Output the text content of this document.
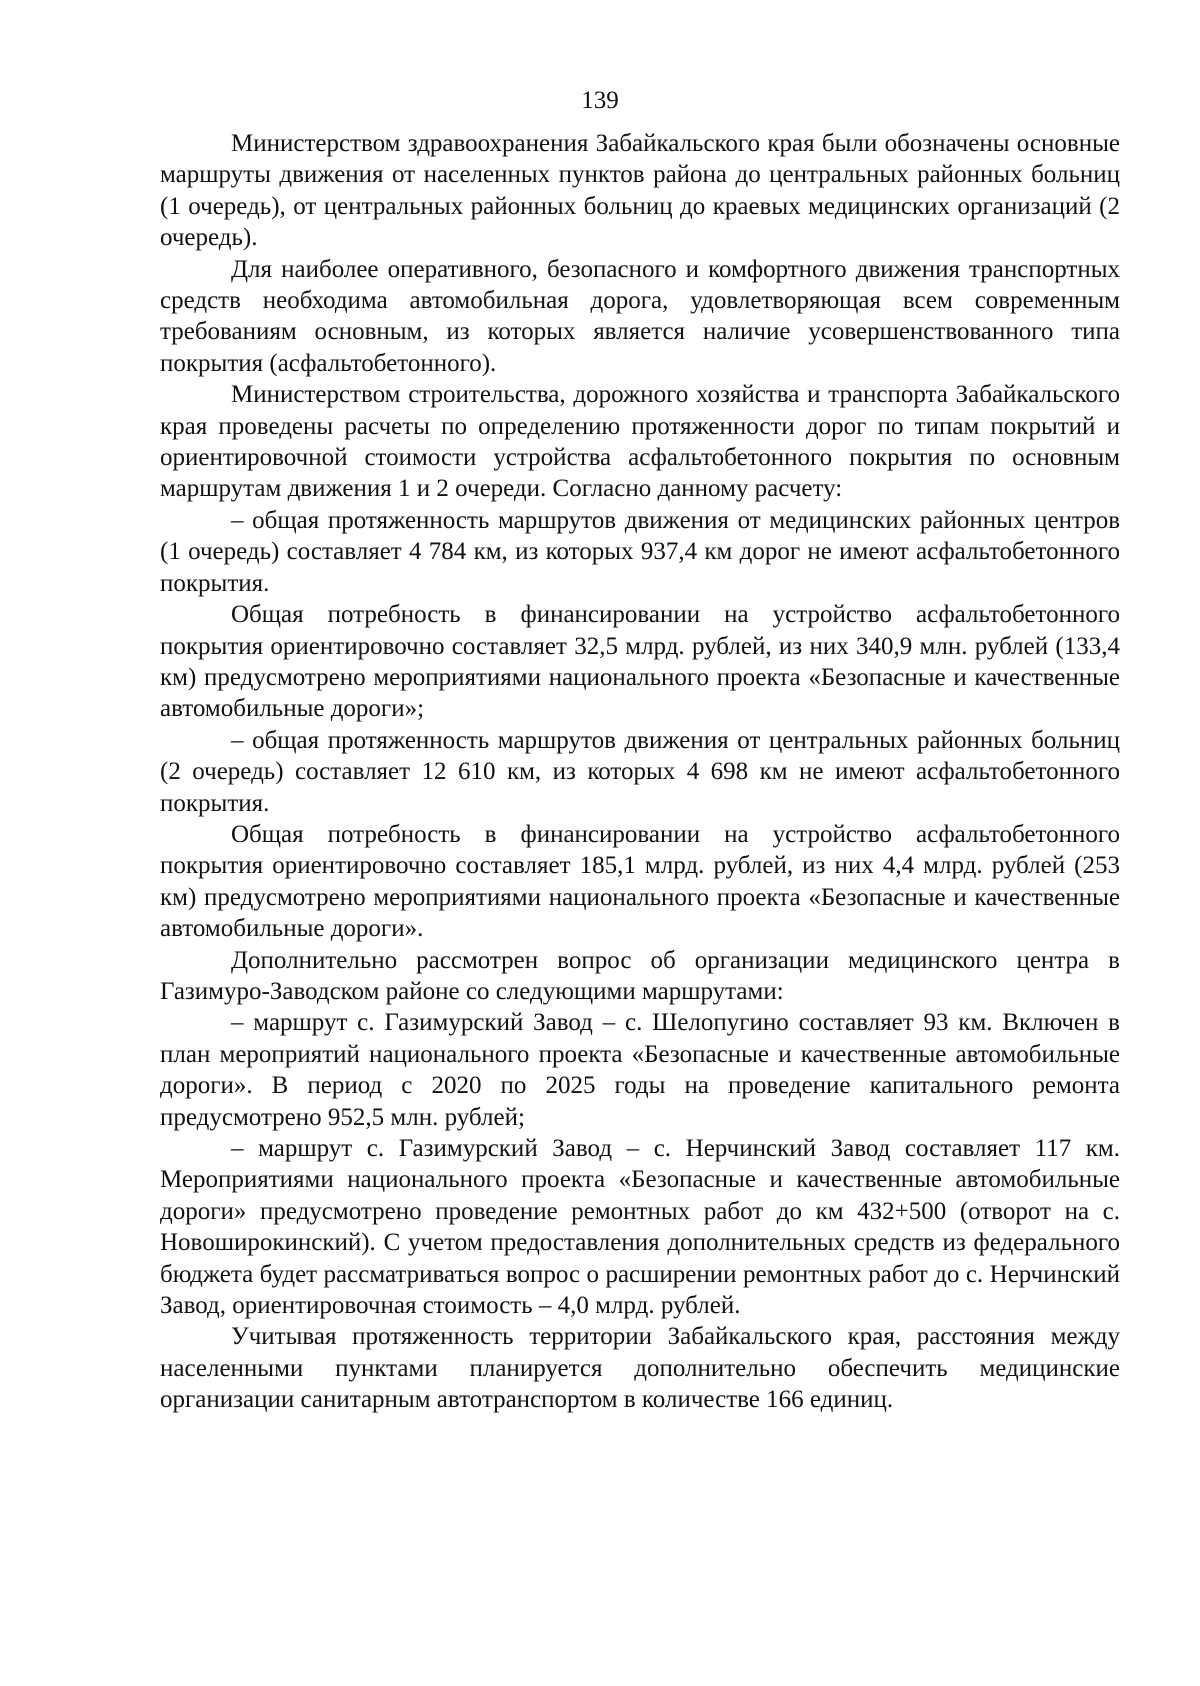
139

Министерством здравоохранения Забайкальского края были обозначены основные маршруты движения от населенных пунктов района до центральных районных больниц (1 очередь), от центральных районных больниц до краевых медицинских организаций (2 очередь).

Для наиболее оперативного, безопасного и комфортного движения транспортных средств необходима автомобильная дорога, удовлетворяющая всем современным требованиям основным, из которых является наличие усовершенствованного типа покрытия (асфальтобетонного).

Министерством строительства, дорожного хозяйства и транспорта Забайкальского края проведены расчеты по определению протяженности дорог по типам покрытий и ориентировочной стоимости устройства асфальтобетонного покрытия по основным маршрутам движения 1 и 2 очереди. Согласно данному расчету:

– общая протяженность маршрутов движения от медицинских районных центров (1 очередь) составляет 4 784 км, из которых 937,4 км дорог не имеют асфальтобетонного покрытия.

Общая потребность в финансировании на устройство асфальтобетонного покрытия ориентировочно составляет 32,5 млрд. рублей, из них 340,9 млн. рублей (133,4 км) предусмотрено мероприятиями национального проекта «Безопасные и качественные автомобильные дороги»;

– общая протяженность маршрутов движения от центральных районных больниц (2 очередь) составляет 12 610 км, из которых 4 698 км не имеют асфальтобетонного покрытия.

Общая потребность в финансировании на устройство асфальтобетонного покрытия ориентировочно составляет 185,1 млрд. рублей, из них 4,4 млрд. рублей (253 км) предусмотрено мероприятиями национального проекта «Безопасные и качественные автомобильные дороги».

Дополнительно рассмотрен вопрос об организации медицинского центра в Газимуро-Заводском районе со следующими маршрутами:

– маршрут с. Газимурский Завод – с. Шелопугино составляет 93 км. Включен в план мероприятий национального проекта «Безопасные и качественные автомобильные дороги». В период с 2020 по 2025 годы на проведение капитального ремонта предусмотрено 952,5 млн. рублей;

– маршрут с. Газимурский Завод – с. Нерчинский Завод составляет 117 км. Мероприятиями национального проекта «Безопасные и качественные автомобильные дороги» предусмотрено проведение ремонтных работ до км 432+500 (отворот на с. Новоширокинский). С учетом предоставления дополнительных средств из федерального бюджета будет рассматриваться вопрос о расширении ремонтных работ до с. Нерчинский Завод, ориентировочная стоимость – 4,0 млрд. рублей.

Учитывая протяженность территории Забайкальского края, расстояния между населенными пунктами планируется дополнительно обеспечить медицинские организации санитарным автотранспортом в количестве 166 единиц.
